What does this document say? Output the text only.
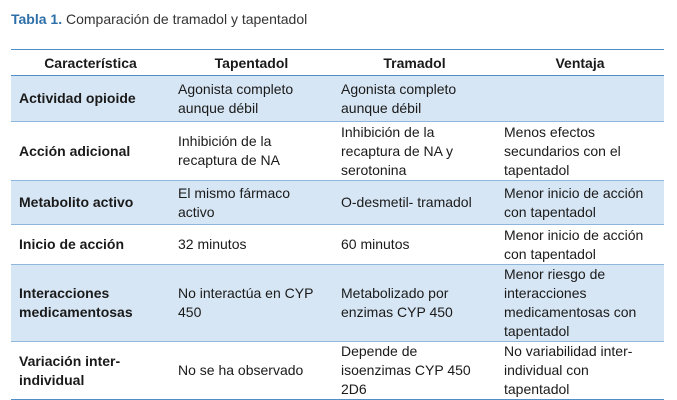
Tabla 1. Comparación de tramadol y tapentadol
Característica	Tapentadol	Tramadol	Ventaja
Actividad opioide	Agonista completo aunque débil	Agonista completo aunque débil	
Acción adicional	Inhibición de la recaptura de NA	Inhibición de la recaptura de NA y serotonina	Menos efectos secundarios con el tapentadol
Metabolito activo	El mismo fármaco activo	O-desmetil- tramadol	Menor inicio de acción con tapentadol
Inicio de acción	32 minutos	60 minutos	Menor inicio de acción con tapentadol
Interacciones medicamentosas	No interactúa en CYP 450	Metabolizado por enzimas CYP 450	Menor riesgo de interacciones medicamentosas con tapentadol
Variación inter-individual	No se ha observado	Depende de isoenzimas CYP 450 2D6	No variabilidad inter-individual con tapentadol
